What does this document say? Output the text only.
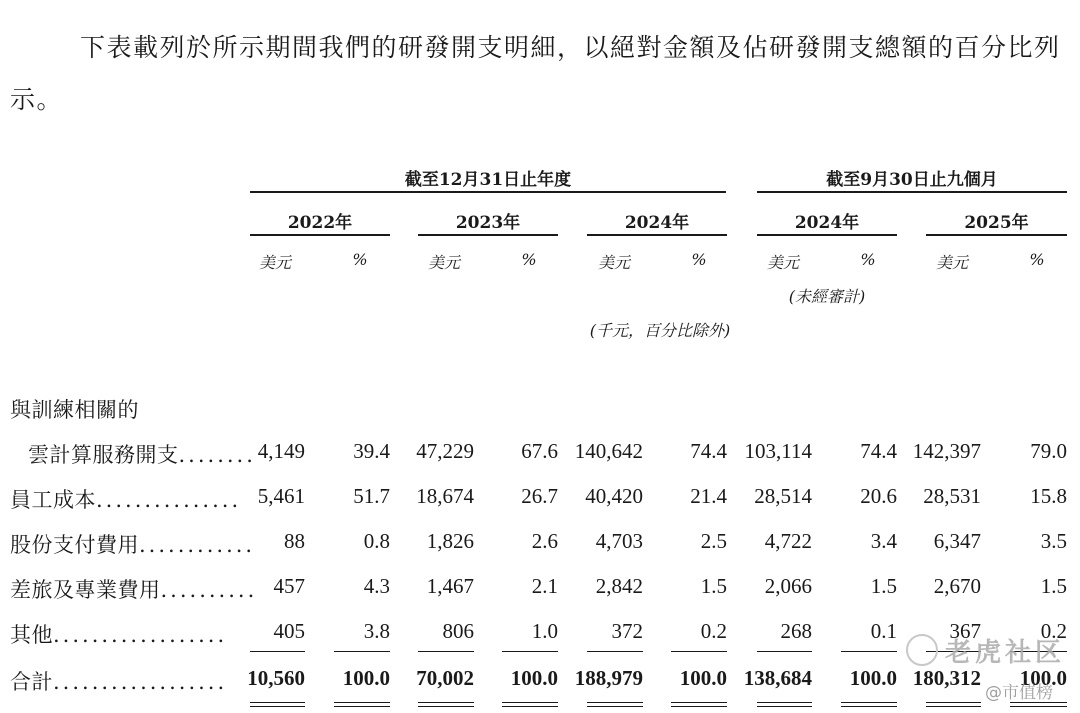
下表載列於所示期間我們的研發開支明細，以絕對金額及佔研發開支總額的百分比列示。
截至12月31日止年度	截至9月30日止九個月
2022年	2023年	2024年	2024年	2025年
美元	%	美元	%	美元	%	美元	%	美元	%
(未經審計)
(千元，百分比除外)
與訓練相關的
雲計算服務開支........ 4,149	39.4	47,229	67.6 140,642	74.4 103,114	74.4 142,397	79.0
員工成本............... 5,461	51.7	18,674	26.7	40,420	21.4	28,514	20.6	28,531	15.8
股份支付費用............	88	0.8	1,826	2.6	4,703	2.5	4,722	3.4	6,347	3.5
差旅及專業費用.......... 457	4.3	1,467	2.1	2,842	1.5	2,066	1.5	2,670	1.5
其他..................	405	3.8	806	1.0	372	0.2	268	0.1	367	0.2
合計.................. 10,560	100.0	70,002	100.0 188,979	100.0 138,684	100.0 180,312	100.0
老虎社区
@市值榜
